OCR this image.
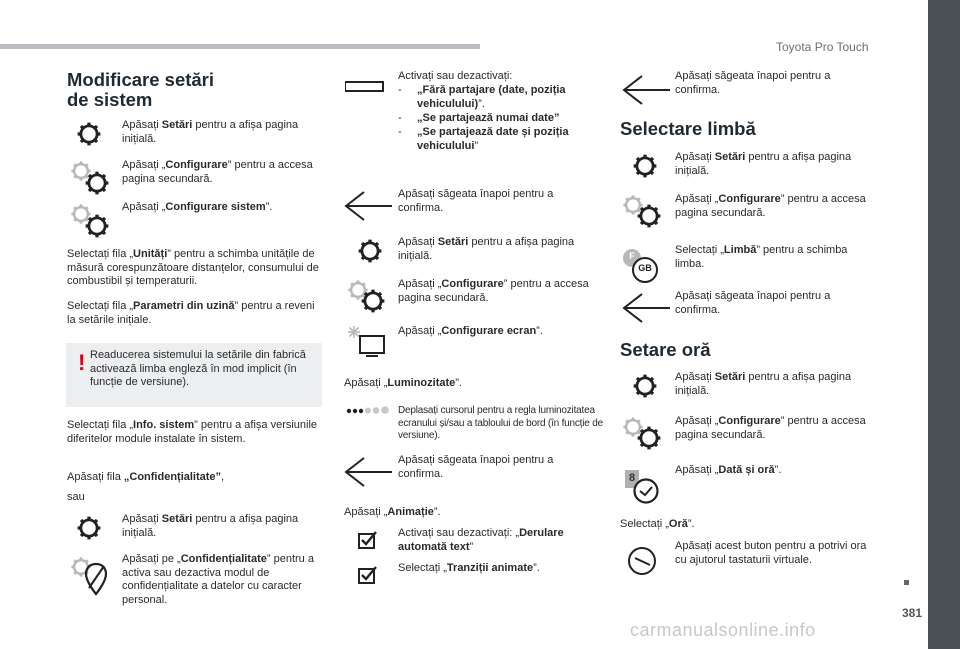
Toyota Pro Touch
Modificare setări
de sistem
Apăsați Setări pentru a afișa pagina inițială.
Apăsați „Configurare” pentru a accesa pagina secundară.
Apăsați „Configurare sistem”.
Selectați fila „Unități” pentru a schimba unitățile de măsură corespunzătoare distanțelor, consumului de combustibil și temperaturii.
Selectați fila „Parametri din uzină” pentru a reveni la setările inițiale.
! Readucerea sistemului la setările din fabrică activează limba engleză în mod implicit (în funcție de versiune).
Selectați fila „Info. sistem” pentru a afișa versiunile diferitelor module instalate în sistem.
Apăsați fila „Confidențialitate”,
sau
Apăsați Setări pentru a afișa pagina inițială.
Apăsați pe „Confidențialitate” pentru a activa sau dezactiva modul de confidențialitate a datelor cu caracter personal.
Activați sau dezactivați:
-	„Fără partajare (date, poziția vehiculului)”.
-	„Se partajează numai date”
-	„Se partajează date și poziția vehiculului”
Apăsați săgeata înapoi pentru a confirma.
Apăsați Setări pentru a afișa pagina inițială.
Apăsați „Configurare” pentru a accesa pagina secundară.
Apăsați „Configurare ecran”.
Apăsați „Luminozitate”.
Deplasați cursorul pentru a regla luminozitatea ecranului și/sau a tabloului de bord (în funcție de versiune).
Apăsați săgeata înapoi pentru a confirma.
Apăsați „Animație”.
Activați sau dezactivați: „Derulare automată text”
Selectați „Tranziții animate”.
Apăsați săgeata înapoi pentru a confirma.
Selectare limbă
Apăsați Setări pentru a afișa pagina inițială.
Apăsați „Configurare” pentru a accesa pagina secundară.
F
GB
Selectați „Limbă” pentru a schimba limba.
Apăsați săgeata înapoi pentru a confirma.
Setare oră
Apăsați Setări pentru a afișa pagina inițială.
Apăsați „Configurare” pentru a accesa pagina secundară.
8
Apăsați „Dată și oră”.
Selectați „Oră”.
Apăsați acest buton pentru a potrivi ora cu ajutorul tastaturii virtuale.
381
carmanualsonline.info
